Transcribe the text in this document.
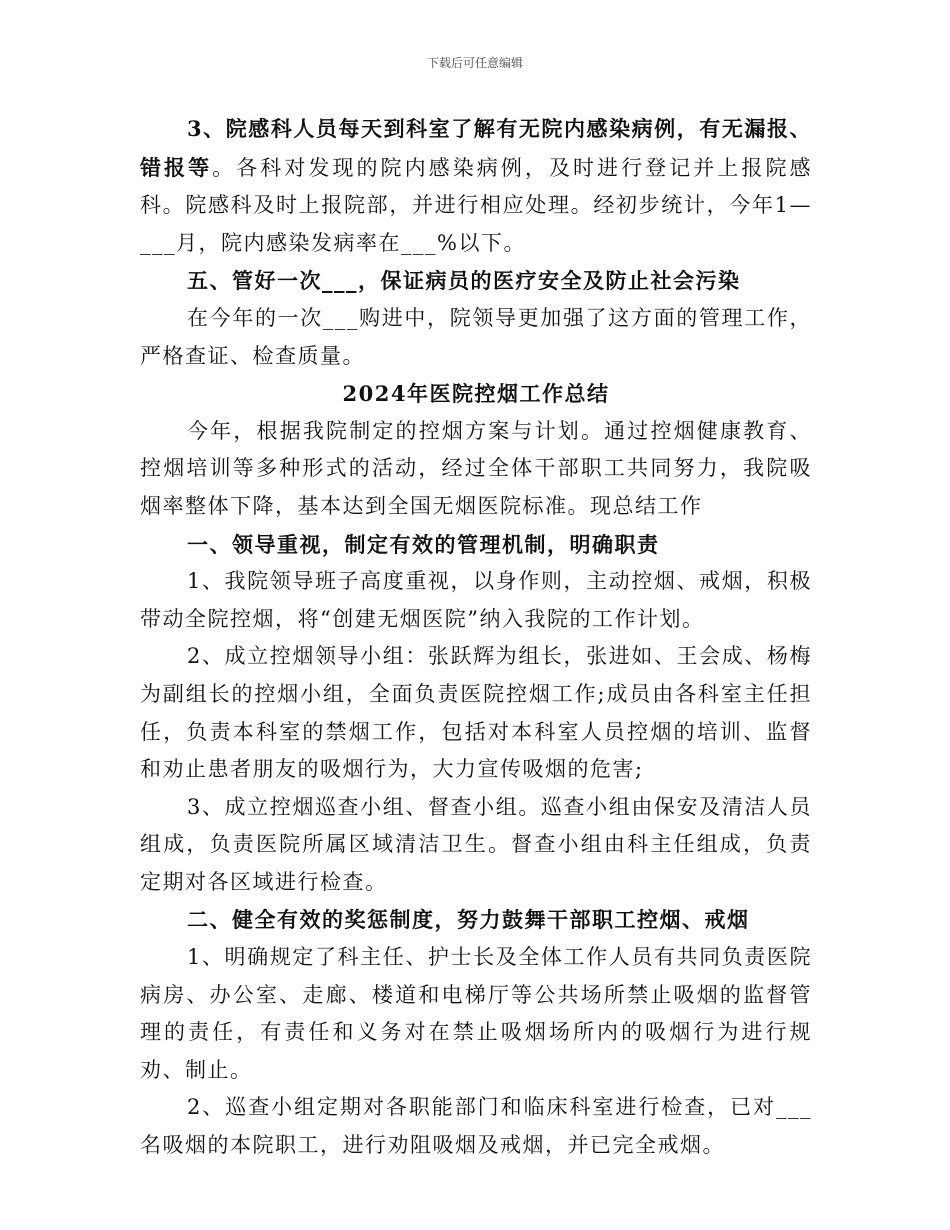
下载后可任意编辑

3、院感科人员每天到科室了解有无院内感染病例，有无漏报、错报等。各科对发现的院内感染病例，及时进行登记并上报院感科。院感科及时上报院部，并进行相应处理。经初步统计，今年1—___月，院内感染发病率在___%以下。

五、管好一次___，保证病员的医疗安全及防止社会污染

在今年的一次___购进中，院领导更加强了这方面的管理工作，严格查证、检查质量。

2024年医院控烟工作总结

今年，根据我院制定的控烟方案与计划。通过控烟健康教育、控烟培训等多种形式的活动，经过全体干部职工共同努力，我院吸烟率整体下降，基本达到全国无烟医院标准。现总结工作

一、领导重视，制定有效的管理机制，明确职责

1、我院领导班子高度重视，以身作则，主动控烟、戒烟，积极带动全院控烟，将“创建无烟医院”纳入我院的工作计划。

2、成立控烟领导小组：张跃辉为组长，张进如、王会成、杨梅为副组长的控烟小组，全面负责医院控烟工作;成员由各科室主任担任，负责本科室的禁烟工作，包括对本科室人员控烟的培训、监督和劝止患者朋友的吸烟行为，大力宣传吸烟的危害;

3、成立控烟巡查小组、督查小组。巡查小组由保安及清洁人员组成，负责医院所属区域清洁卫生。督查小组由科主任组成，负责定期对各区域进行检查。

二、健全有效的奖惩制度，努力鼓舞干部职工控烟、戒烟

1、明确规定了科主任、护士长及全体工作人员有共同负责医院病房、办公室、走廊、楼道和电梯厅等公共场所禁止吸烟的监督管理的责任，有责任和义务对在禁止吸烟场所内的吸烟行为进行规劝、制止。

2、巡查小组定期对各职能部门和临床科室进行检查，已对___名吸烟的本院职工，进行劝阻吸烟及戒烟，并已完全戒烟。
